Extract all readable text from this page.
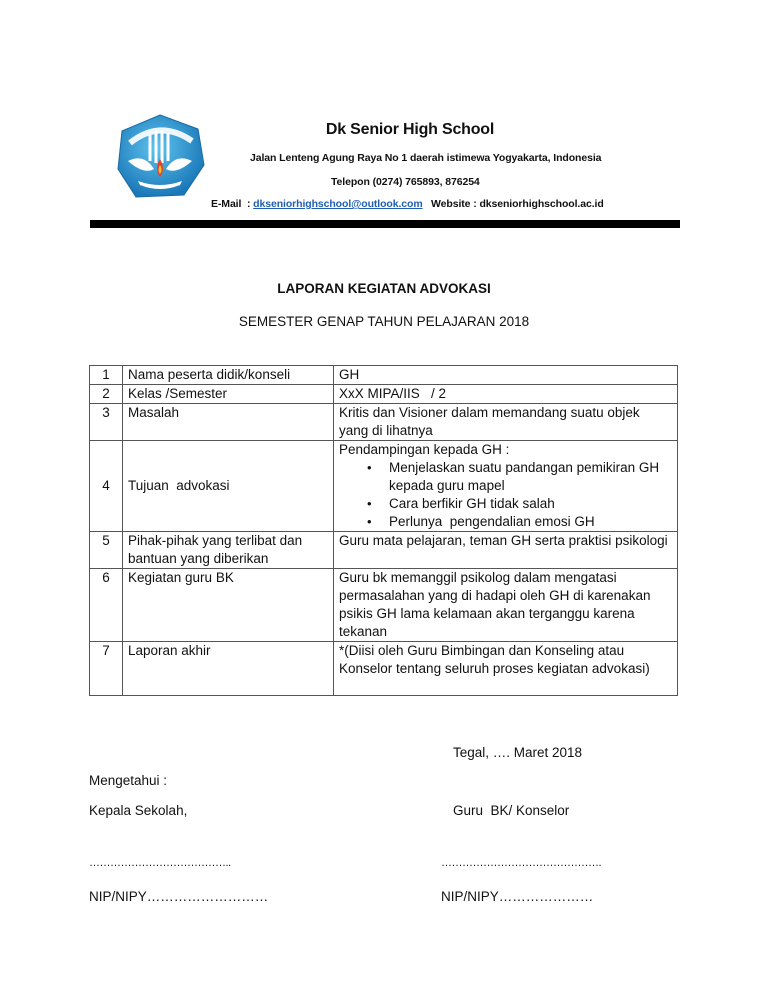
Dk Senior High School
Jalan Lenteng Agung Raya No 1 daerah istimewa Yogyakarta, Indonesia
Telepon (0274) 765893, 876254
E-Mail  : dkseniorhighschool@outlook.com   Website : dkseniorhighschool.ac.id
LAPORAN KEGIATAN ADVOKASI
SEMESTER GENAP TAHUN PELAJARAN 2018
1	Nama peserta didik/konseli	GH
2	Kelas /Semester	XxX MIPA/IIS   / 2
3	Masalah	Kritis dan Visioner dalam memandang suatu objek yang di lihatnya
4	Tujuan  advokasi	
Pendampingan kepada GH :
• Menjelaskan suatu pandangan pemikiran GH kepada guru mapel
• Cara berfikir GH tidak salah
• Perlunya  pengendalian emosi GH

5	Pihak-pihak yang terlibat dan bantuan yang diberikan	Guru mata pelajaran, teman GH serta praktisi psikologi
6	Kegiatan guru BK	Guru bk memanggil psikolog dalam mengatasi permasalahan yang di hadapi oleh GH di karenakan psikis GH lama kelamaan akan terganggu karena tekanan
7	Laporan akhir	*(Diisi oleh Guru Bimbingan dan Konseling atau Konselor tentang seluruh proses kegiatan advokasi)
Tegal, …. Maret 2018
Mengetahui :
Kepala Sekolah,	Guru  BK/ Konselor
…………………………………..	……………………………………….
NIP/NIPY………………………	NIP/NIPY…………………
